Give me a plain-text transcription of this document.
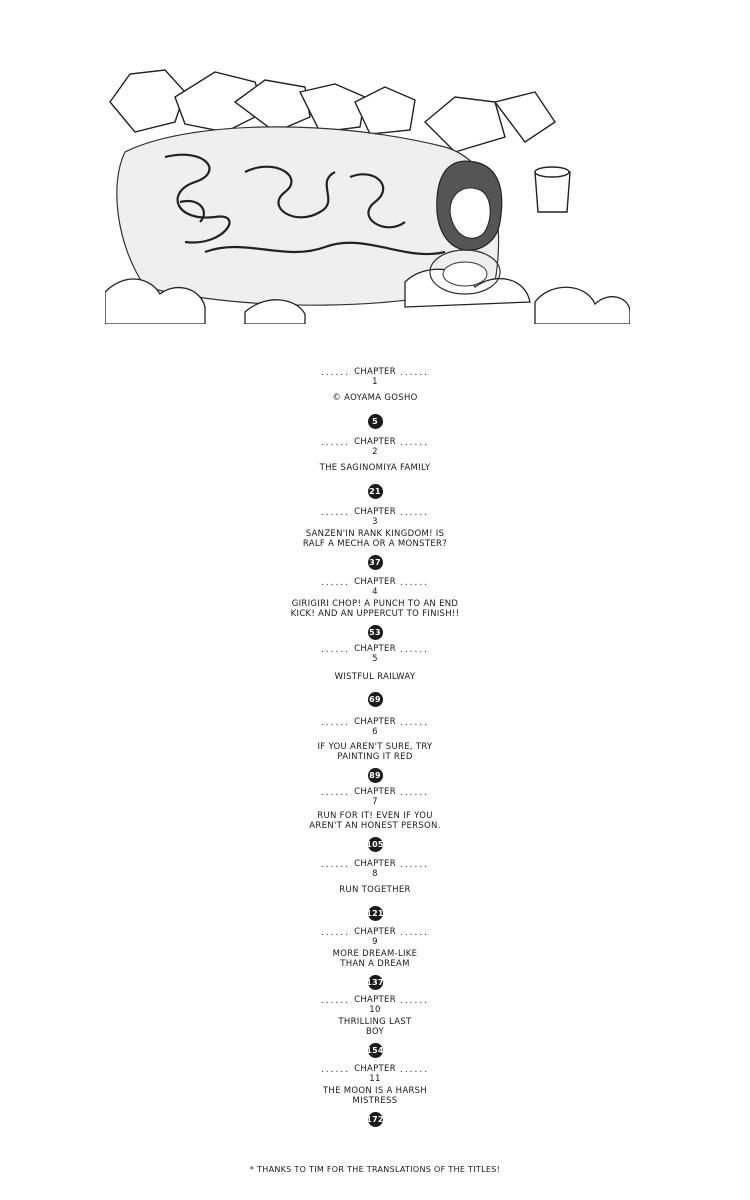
...... CHAPTER
1
......
© AOYAMA GOSHO
5
...... CHAPTER
2
......
THE SAGINOMIYA FAMILY
21
...... CHAPTER
3
......
SANZEN'IN RANK KINGDOM! IS RALF A MECHA OR A MONSTER?
37
...... CHAPTER
4
......
GIRIGIRI CHOP! A PUNCH TO AN END KICK! AND AN UPPERCUT TO FINISH!!
53
...... CHAPTER
5
......
WISTFUL RAILWAY
69
...... CHAPTER
6
......
IF YOU AREN'T SURE, TRY PAINTING IT RED
89
...... CHAPTER
7
......
RUN FOR IT! EVEN IF YOU AREN'T AN HONEST PERSON.
105
...... CHAPTER
8
......
RUN TOGETHER
121
...... CHAPTER
9
......
MORE DREAM-LIKE THAN A DREAM
137
...... CHAPTER
10
......
THRILLING LAST BOY
154
...... CHAPTER
11
......
THE MOON IS A HARSH MISTRESS
172
* THANKS TO TIM FOR THE TRANSLATIONS OF THE TITLES!
